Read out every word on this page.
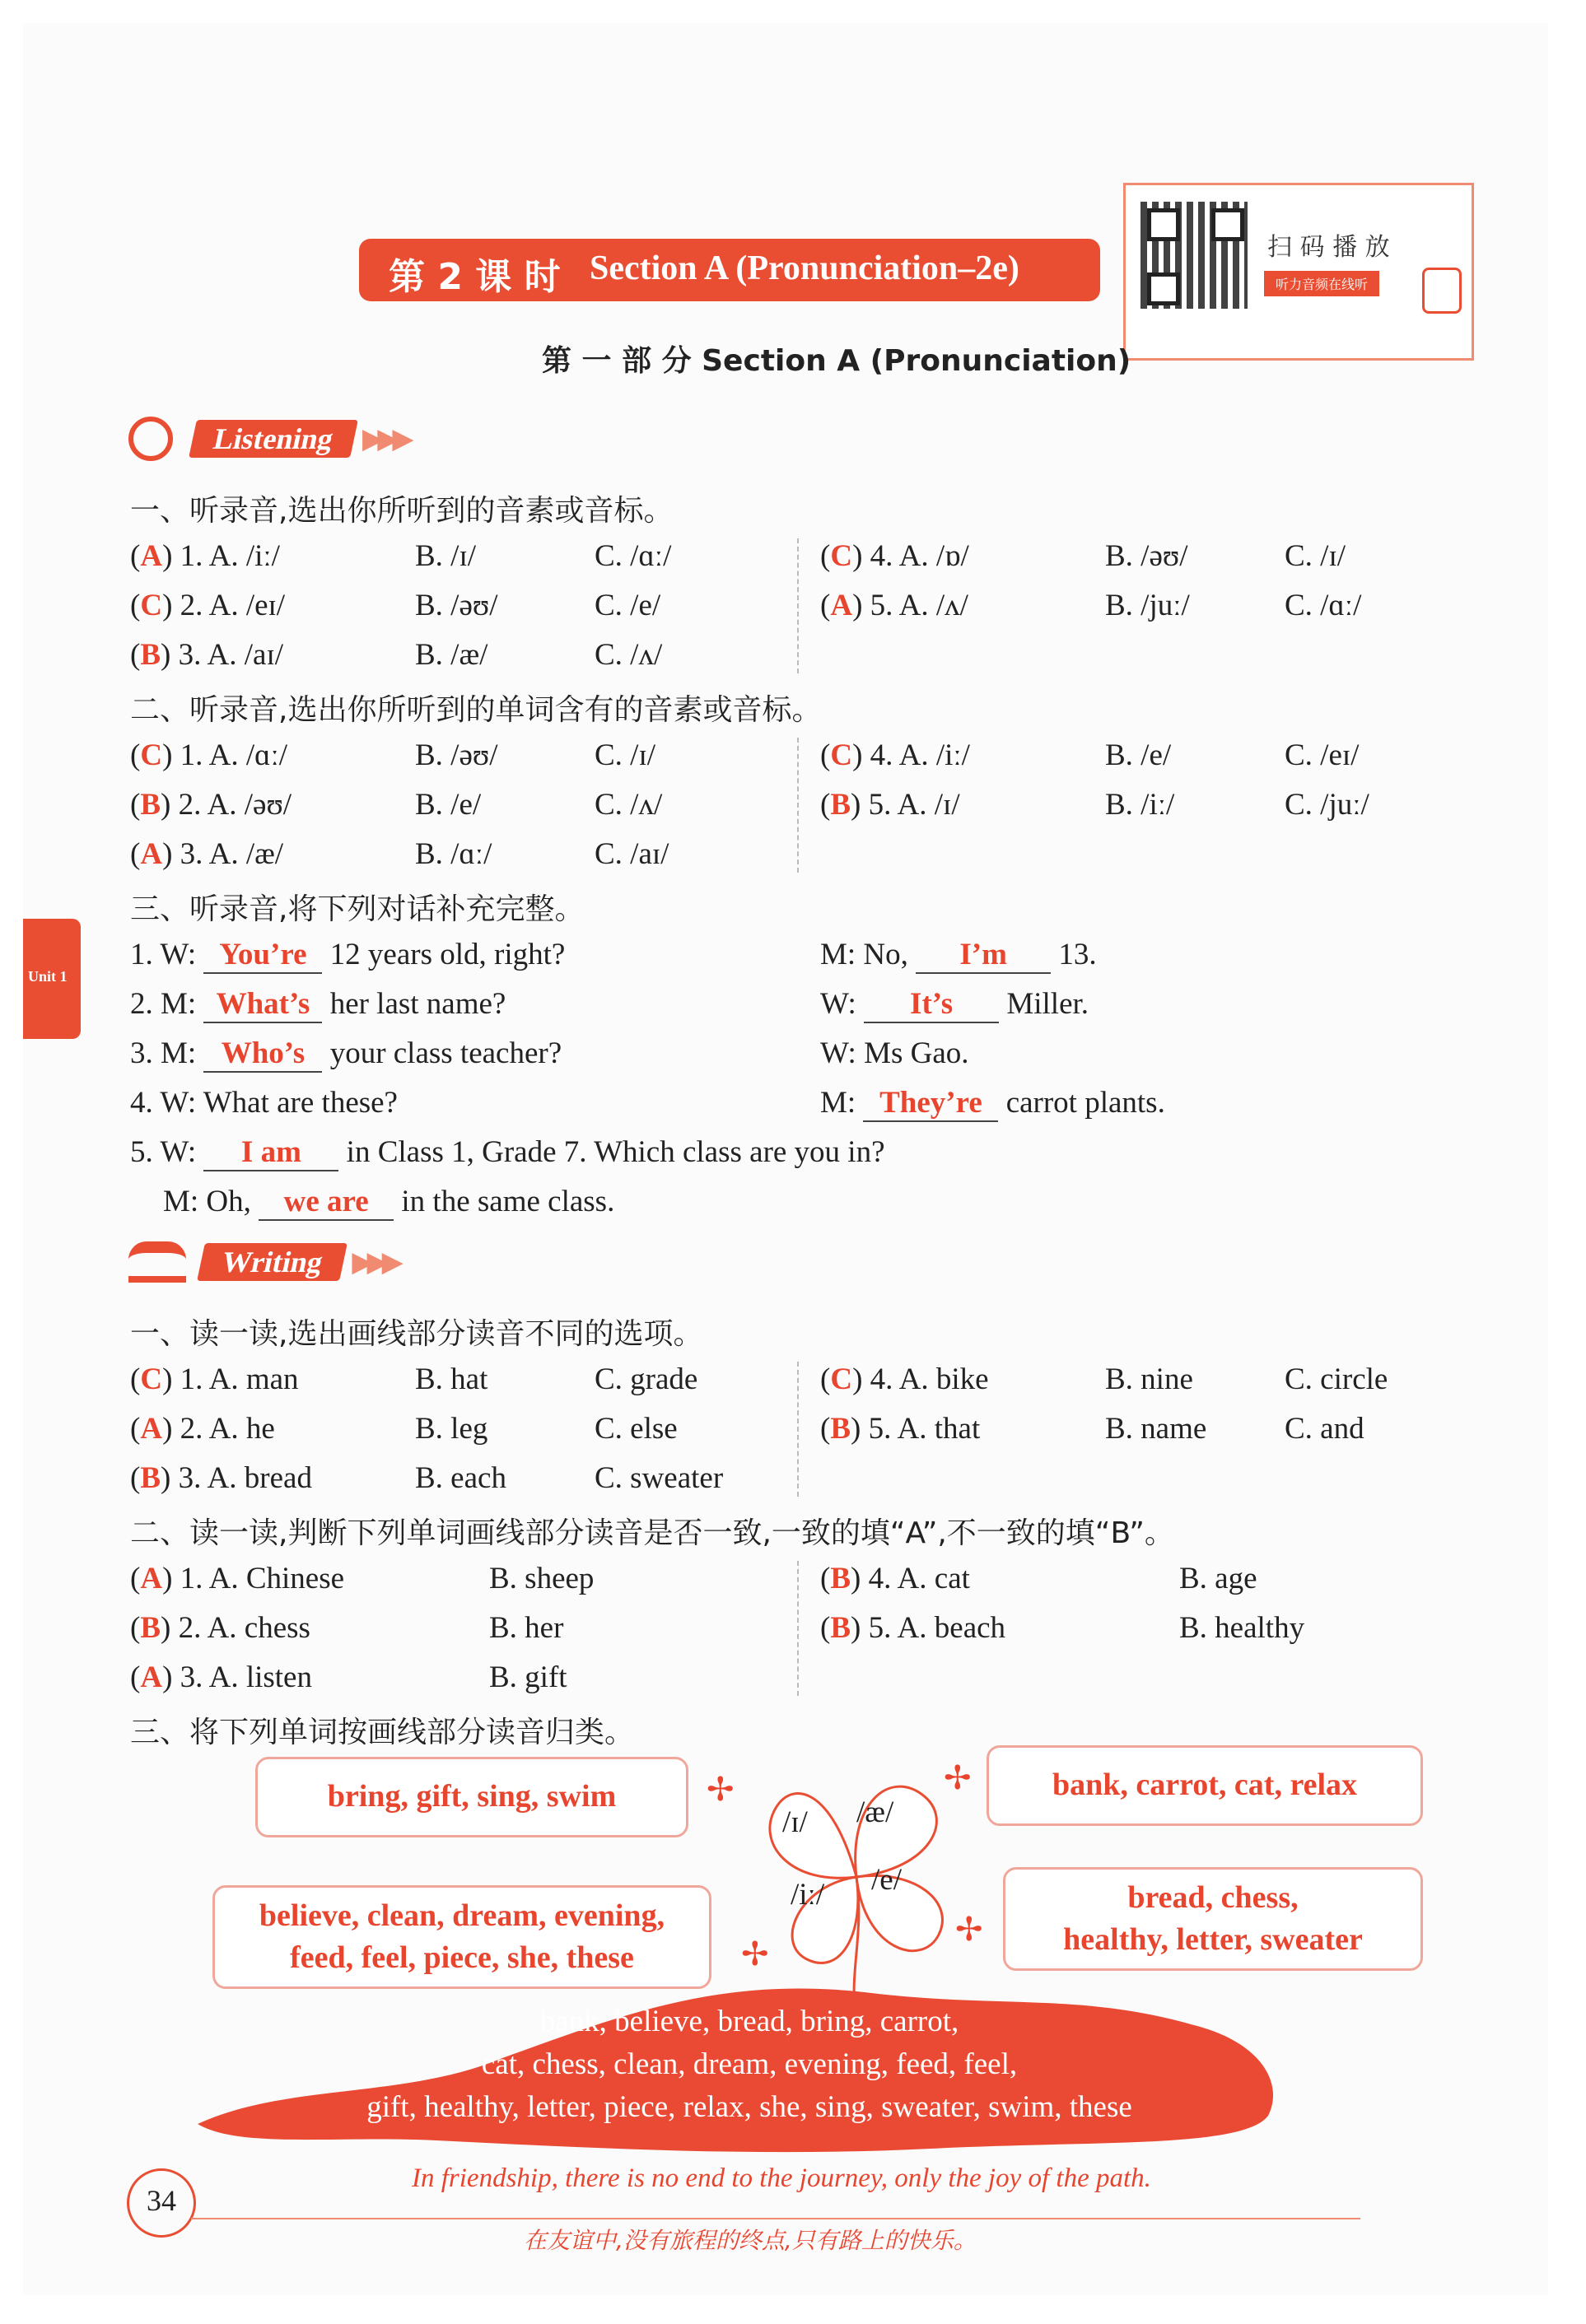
第 2 课 时 Section A (Pronunciation–2e)
扫 码 播 放
听力音频在线听
第 一 部 分 Section A (Pronunciation)
Unit 1
Listening ▶▶▶
一、听录音,选出你所听到的音素或音标。
(A) 1. A. /iː/	B. /ɪ/	C. /ɑː/
(C) 2. A. /eɪ/	B. /əʊ/	C. /e/
(B) 3. A. /aɪ/	B. /æ/	C. /ʌ/
(C) 4. A. /ɒ/	B. /əʊ/	C. /ɪ/
(A) 5. A. /ʌ/	B. /juː/	C. /ɑː/
二、听录音,选出你所听到的单词含有的音素或音标。
(C) 1. A. /ɑː/	B. /əʊ/	C. /ɪ/
(B) 2. A. /əʊ/	B. /e/	C. /ʌ/
(A) 3. A. /æ/	B. /ɑː/	C. /aɪ/
(C) 4. A. /iː/	B. /e/	C. /eɪ/
(B) 5. A. /ɪ/	B. /iː/	C. /juː/
三、听录音,将下列对话补充完整。
1. W: You’re 12 years old, right?	M: No, I’m 13.
2. M: What’s her last name?	W: It’s Miller.
3. M: Who’s your class teacher?	W: Ms Gao.
4. W: What are these?	M: They’re carrot plants.
5. W: I am in Class 1, Grade 7. Which class are you in?
M: Oh, we are in the same class.
Writing ▶▶▶
一、读一读,选出画线部分读音不同的选项。
(C) 1. A. man	B. hat	C. grade
(A) 2. A. he	B. leg	C. else
(B) 3. A. bread	B. each	C. sweater
(C) 4. A. bike	B. nine	C. circle
(B) 5. A. that	B. name	C. and
二、读一读,判断下列单词画线部分读音是否一致,一致的填“A”,不一致的填“B”。
(A) 1. A. Chinese	B. sheep
(B) 2. A. chess	B. her
(A) 3. A. listen	B. gift
(B) 4. A. cat	B. age
(B) 5. A. beach	B. healthy
三、将下列单词按画线部分读音归类。
bring, gift, sing, swim	bank, carrot, cat, relax
believe, clean, dream, evening,
feed, feel, piece, she, these
bread, chess,
healthy, letter, sweater
/ɪ/ /æ/
/iː/ /e/
✢	✢
✢
✢
bank, believe, bread, bring, carrot,
cat, chess, clean, dream, evening, feed, feel,
gift, healthy, letter, piece, relax, she, sing, sweater, swim, these
34
In friendship, there is no end to the journey, only the joy of the path.
在友谊中,没有旅程的终点,只有路上的快乐。
